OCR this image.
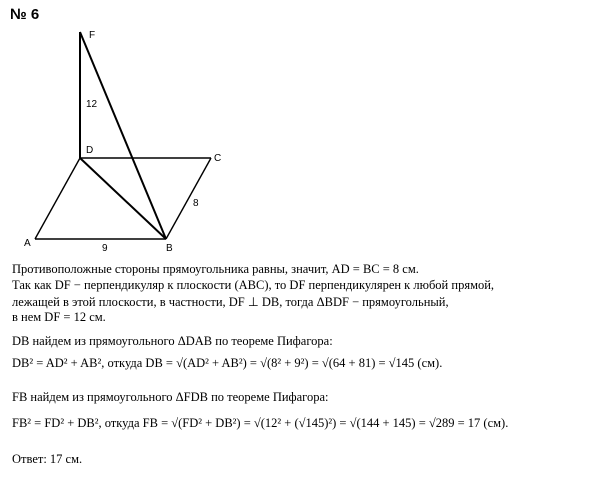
№ 6
F
D
C
A	B
12
8
9
Противоположные стороны прямоугольника равны, значит, AD = BC = 8 см.
Так как DF − перпендикуляр к плоскости (ABC), то DF перпендикулярен к любой прямой,
лежащей в этой плоскости, в частности, DF ⊥ DB, тогда ΔBDF − прямоугольный,
в нем DF = 12 см.
DB найдем из прямоугольного ΔDAB по теореме Пифагора:
DB² = AD² + AB², откуда DB = √(AD² + AB²) = √(8² + 9²) = √(64 + 81) = √145 (см).
FB найдем из прямоугольного ΔFDB по теореме Пифагора:
FB² = FD² + DB², откуда FB = √(FD² + DB²) = √(12² + (√145)²) = √(144 + 145) = √289 = 17 (см).
Ответ: 17 см.
